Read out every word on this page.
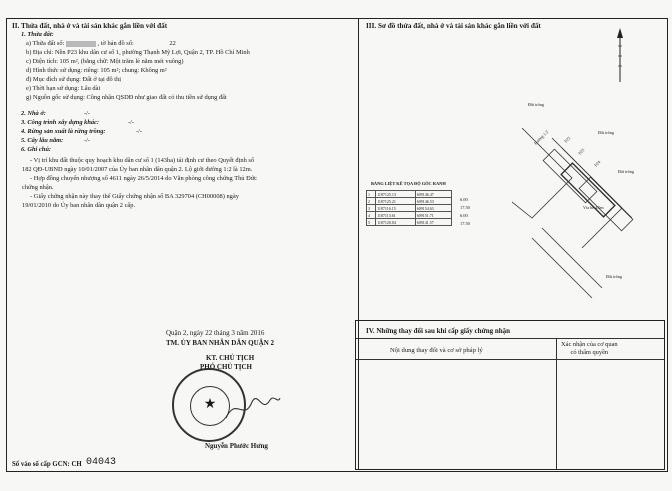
II. Thửa đất, nhà ở và tài sản khác gắn liền với đất
1. Thửa đất:
a) Thửa đất số:	, tờ bản đồ số:	22
b) Địa chỉ: Nền P23 khu dân cư số 1, phường Thạnh Mỹ Lợi, Quận 2, TP. Hồ Chí Minh
c) Diện tích: 105 m², (bằng chữ: Một trăm lẻ năm mét vuông)
d) Hình thức sử dụng: riêng: 105 m²; chung: Không m²
đ) Mục đích sử dụng: Đất ở tại đô thị
e) Thời hạn sử dụng: Lâu dài
g) Nguồn gốc sử dụng: Công nhận QSDĐ như giao đất có thu tiền sử dụng đất
2. Nhà ở:	-/-
3. Công trình xây dựng khác:	-/-
4. Rừng sản xuất là rừng trồng:	-/-
5. Cây lâu năm:	-/-
6. Ghi chú:
- Vị trí khu đất thuộc quy hoạch khu dân cư số 1 (143ha) tái định cư theo Quyết định số
182 QĐ-UBND ngày 10/01/2007 của Ủy ban nhân dân quận 2. Lộ giới đường 1:2 là 12m.
- Hợp đồng chuyển nhượng số 4611 ngày 26/5/2014 do Văn phòng công chứng Thủ Đức
chứng nhận.
- Giấy chứng nhận này thay thế Giấy chứng nhận số BA 329704 (CH00008) ngày
19/01/2010 do Ủy ban nhân dân quận 2 cấp.
III. Sơ đồ thửa đất, nhà ở và tài sản khác gắn liền với đất
BẢNG LIỆT KÊ TỌA ĐỘ GÓC RANH
1	1187125.13	609146.47
2	1187125.21	609146.53
3	1187116.15	609154.63
4	1187113.61	609151.71
5	1187120.04	609141.57
6.00
17.50
6.00
17.50
Đất trống
Đất trống
Đất trống
Đất trống
Đường 1:2
Vỉa hè 4.0m
P23
P22
P24
Quận 2, ngày 22 tháng 3 năm 2016
TM. ỦY BAN NHÂN DÂN QUẬN 2
KT. CHỦ TỊCH
PHÓ CHỦ TỊCH
★
Nguyễn Phước Hưng
IV. Những thay đổi sau khi cấp giấy chứng nhận
Nội dung thay đổi và cơ sở pháp lý
Xác nhận của cơ quan
có thẩm quyền
Số vào sổ cấp GCN: CH 04043
